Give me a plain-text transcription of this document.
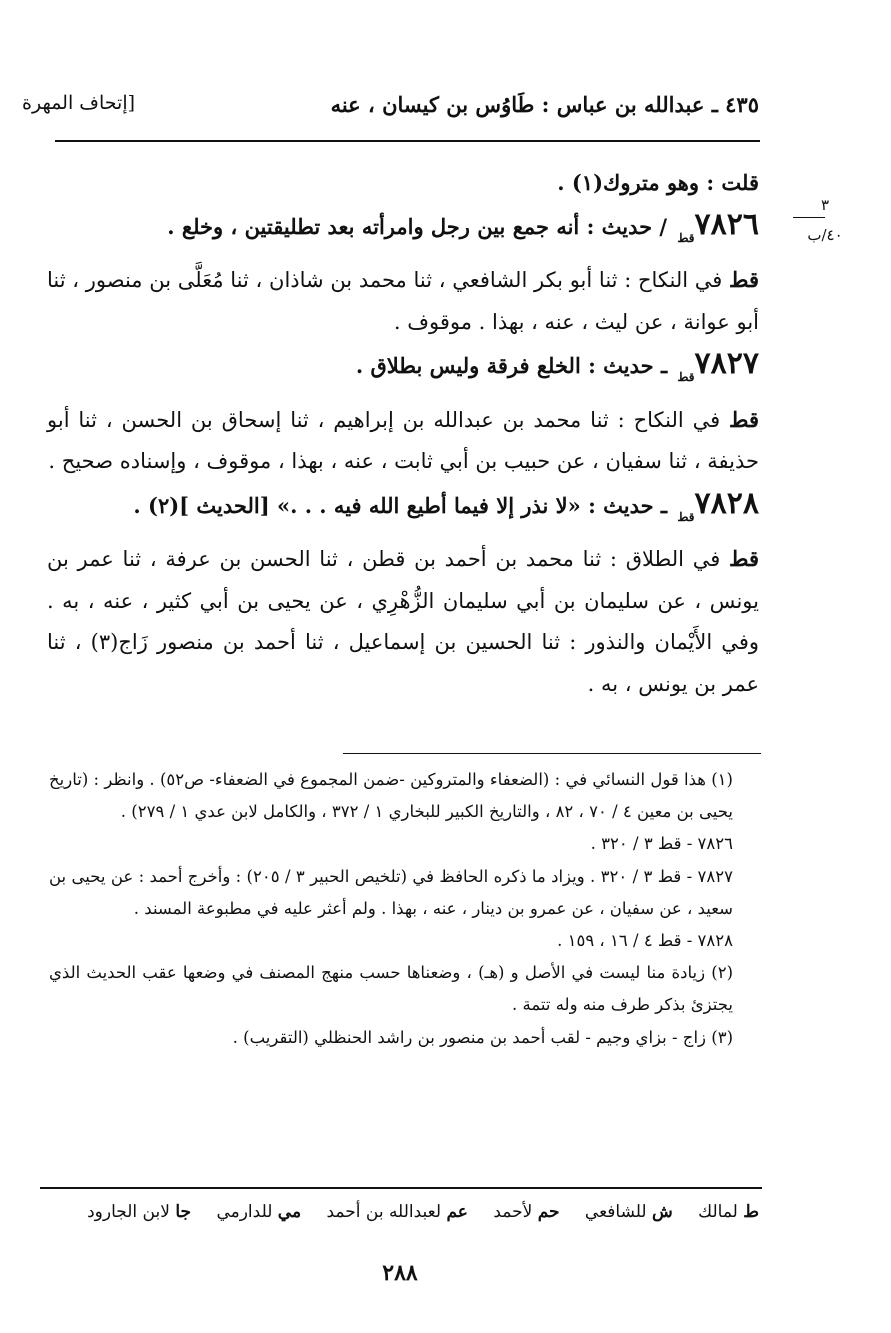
٤٣٥ ـ عبدالله بن عباس : طَاوُس بن كيسان ، عنه
[إتحاف المهرة
٣
٤٠/ب

قلت : وهو متروك(١) .

$٧٨٢٦_{قط}$ / حديث : أنه جمع بين رجل وامرأته بعد تطليقتين ، وخلع .

قط في النكاح : ثنا أبو بكر الشافعي ، ثنا محمد بن شاذان ، ثنا مُعَلَّى بن منصور ، ثنا أبو عوانة ، عن ليث ، عنه ، بهذا . موقوف .

$٧٨٢٧_{قط}$ ـ حديث : الخلع فرقة وليس بطلاق .

قط في النكاح : ثنا محمد بن عبدالله بن إبراهيم ، ثنا إسحاق بن الحسن ، ثنا أبو حذيفة ، ثنا سفيان ، عن حبيب بن أبي ثابت ، عنه ، بهذا ، موقوف ، وإسناده صحيح .

$٧٨٢٨_{قط}$ ـ حديث : «لا نذر إلا فيما أطيع الله فيه . . .» [الحديث ](٢) .

قط في الطلاق : ثنا محمد بن أحمد بن قطن ، ثنا الحسن بن عرفة ، ثنا عمر بن يونس ، عن سليمان بن أبي سليمان الزُّهْرِي ، عن يحيى بن أبي كثير ، عنه ، به . وفي الأَيْمان والنذور : ثنا الحسين بن إسماعيل ، ثنا أحمد بن منصور زَاج(٣) ، ثنا عمر بن يونس ، به .

(١) هذا قول النسائي في : (الضعفاء والمتروكين -ضمن المجموع في الضعفاء- ص٥٢) . وانظر : (تاريخ يحيى بن معين ٤ / ٧٠ ، ٨٢ ، والتاريخ الكبير للبخاري ١ / ٣٧٢ ، والكامل لابن عدي ١ / ٢٧٩) .

٧٨٢٦ - قط ٣ / ٣٢٠ .

٧٨٢٧ - قط ٣ / ٣٢٠ . ويزاد ما ذكره الحافظ في (تلخيص الحبير ٣ / ٢٠٥) : وأخرج أحمد : عن يحيى بن سعيد ، عن سفيان ، عن عمرو بن دينار ، عنه ، بهذا . ولم أعثر عليه في مطبوعة المسند .

٧٨٢٨ - قط ٤ / ١٦ ، ١٥٩ .

(٢) زيادة منا ليست في الأصل و (هـ) ، وضعناها حسب منهج المصنف في وضعها عقب الحديث الذي يجتزئ بذكر طرف منه وله تتمة .

(٣) زاج - بزاي وجيم - لقب أحمد بن منصور بن راشد الحنظلي (التقريب) .

ط لمالك ش للشافعي حم لأحمد عم لعبدالله بن أحمد مي للدارمي جا لابن الجارود
٢٨٨
